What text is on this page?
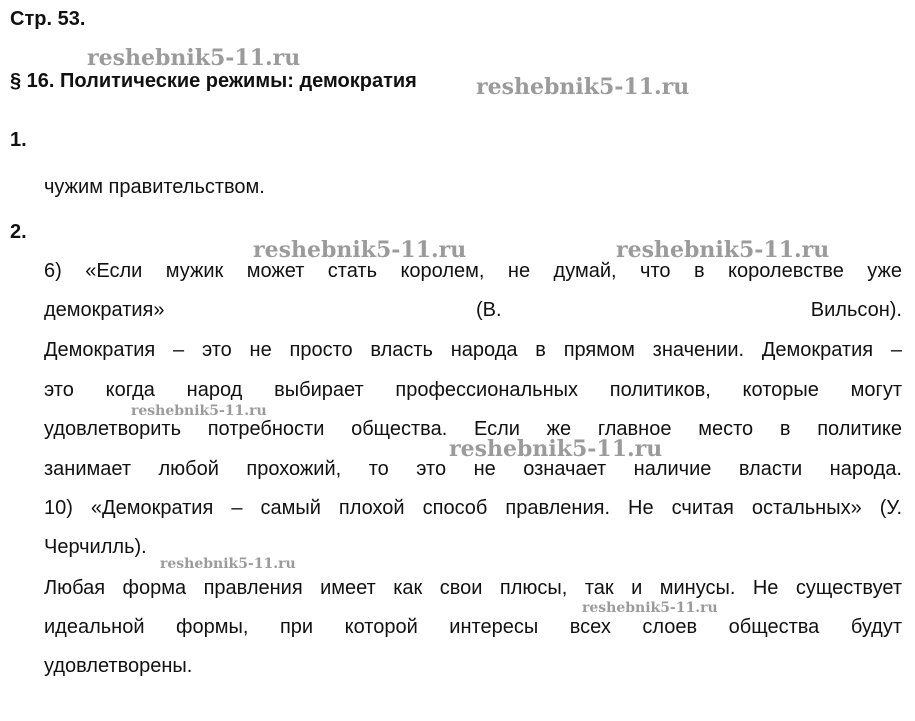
Стр. 53.
§ 16. Политические режимы: демократия
1.
чужим правительством.
2.
6) «Если мужик может стать королем, не думай, что в королевстве уже
демократия»	(В.	Вильсон).
Демократия – это не просто власть народа в прямом значении. Демократия –
это когда народ выбирает профессиональных политиков, которые могут
удовлетворить потребности общества. Если же главное место в политике
занимает любой прохожий, то это не означает наличие власти народа.
10) «Демократия – самый плохой способ правления. Не считая остальных» (У.
Черчилль).
Любая форма правления имеет как свои плюсы, так и минусы. Не существует
идеальной формы, при которой интересы всех слоев общества будут
удовлетворены.
reshebnik5-11.ru
reshebnik5-11.ru
reshebnik5-11.ru	reshebnik5-11.ru
reshebnik5-11.ru
reshebnik5-11.ru
reshebnik5-11.ru
reshebnik5-11.ru
